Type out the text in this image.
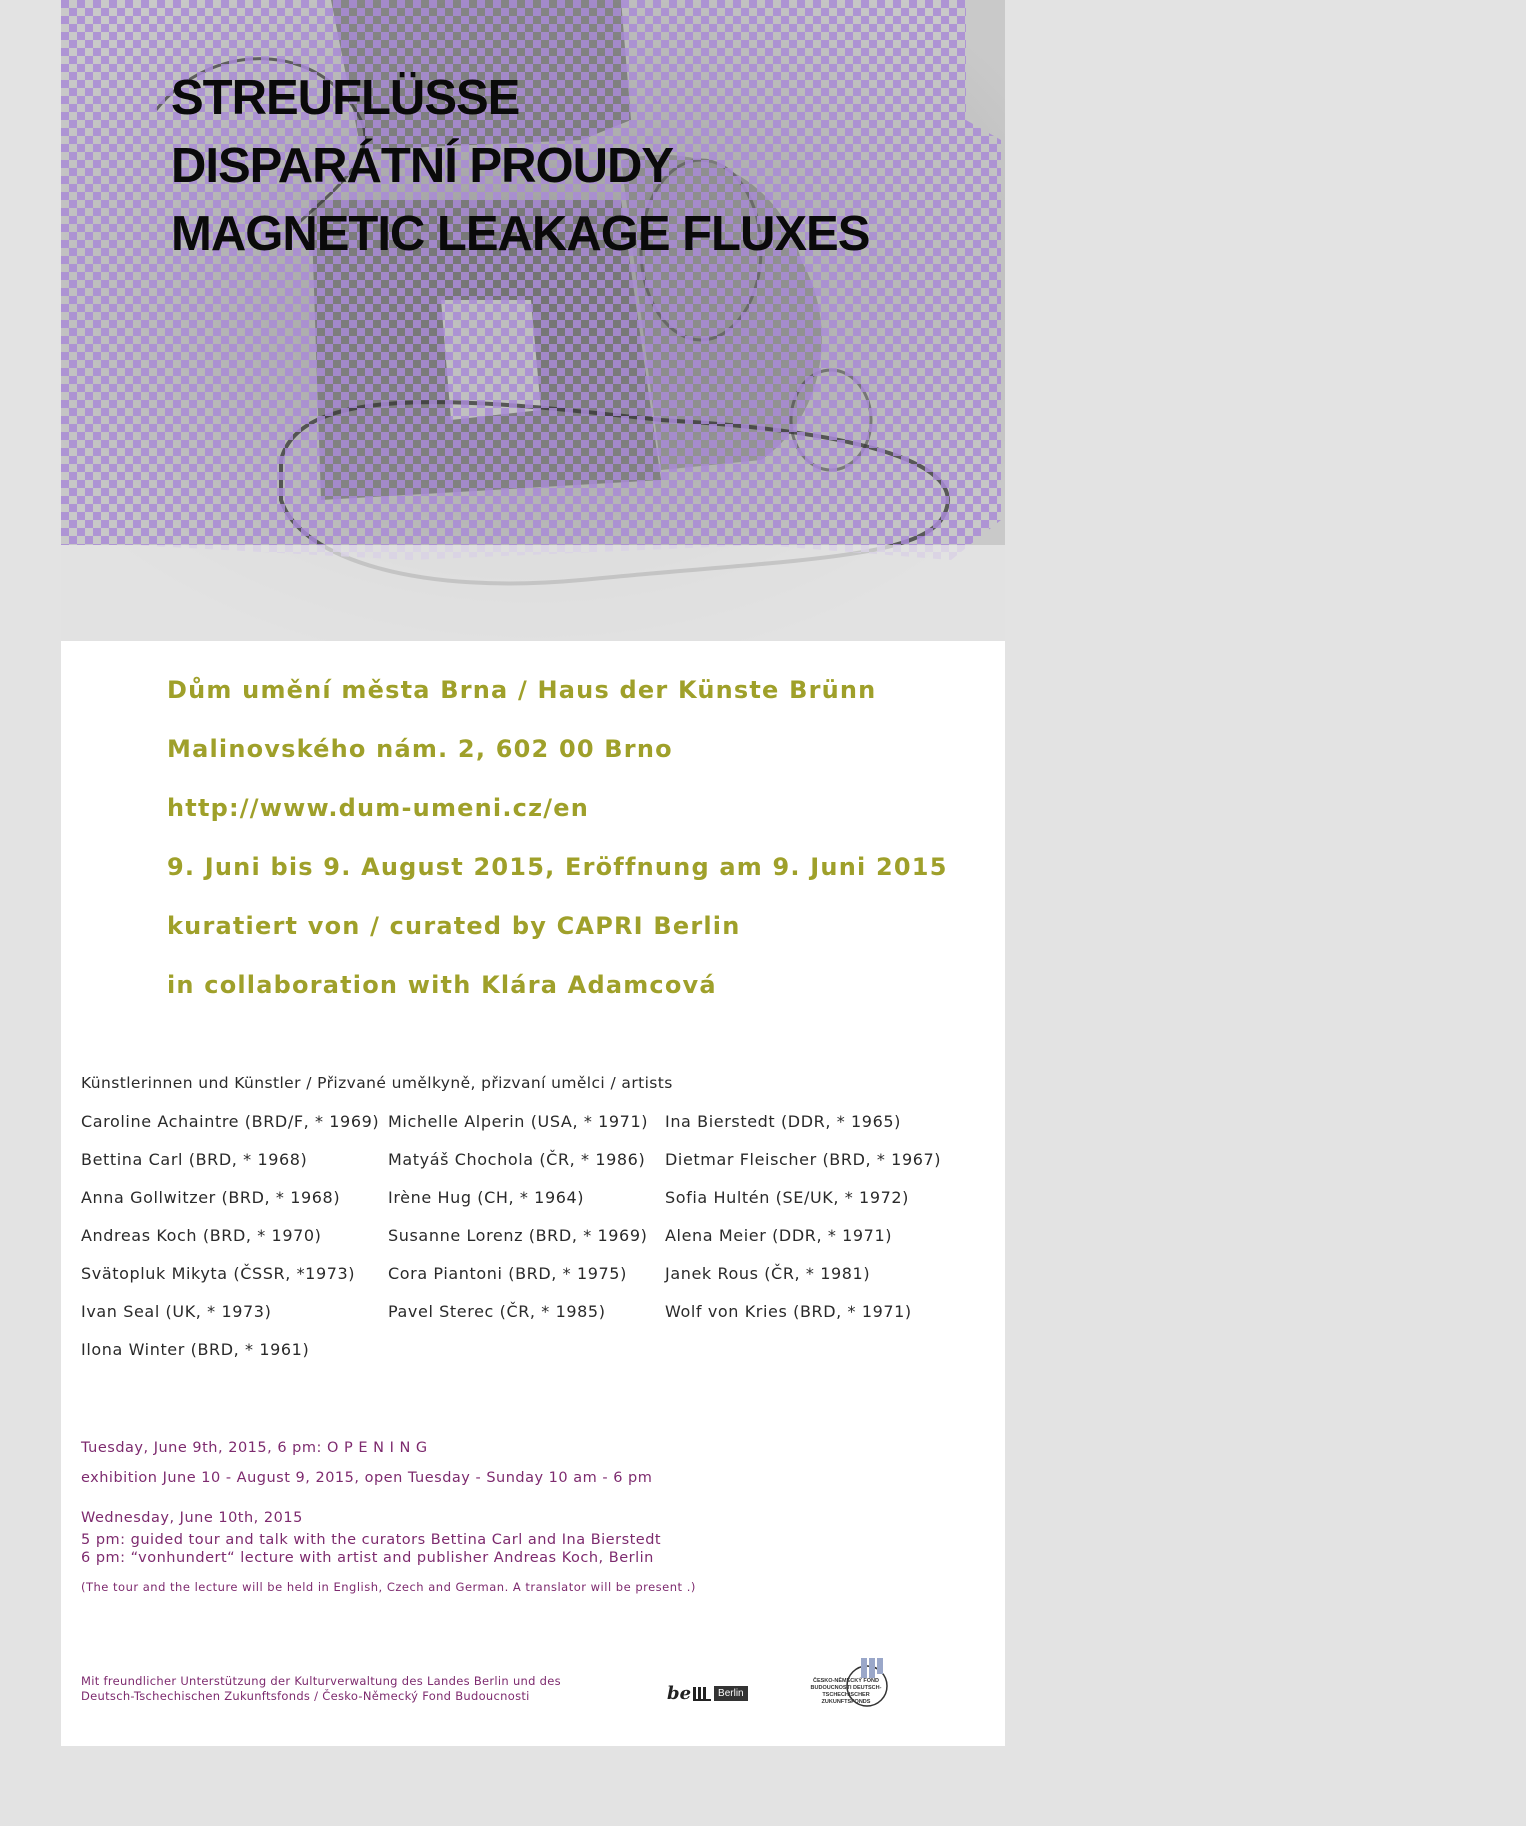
STREUFLÜSSE
DISPARÁTNÍ PROUDY
MAGNETIC LEAKAGE FLUXES
Dům umění města Brna / Haus der Künste Brünn
Malinovského nám. 2, 602 00 Brno
http://www.dum-umeni.cz/en
9. Juni bis 9. August 2015, Eröffnung am 9. Juni 2015
kuratiert von / curated by CAPRI Berlin
in collaboration with Klára Adamcová
Künstlerinnen und Künstler / Přizvané umělkyně, přizvaní umělci / artists
Caroline Achaintre (BRD/F, * 1969) Michelle Alperin (USA, * 1971) Ina Bierstedt (DDR, * 1965)
Bettina Carl (BRD, * 1968)	Matyáš Chochola (ČR, * 1986) Dietmar Fleischer (BRD, * 1967)
Anna Gollwitzer (BRD, * 1968)	Irène Hug (CH, * 1964)	Sofia Hultén (SE/UK, * 1972)
Andreas Koch (BRD, * 1970)	Susanne Lorenz (BRD, * 1969) Alena Meier (DDR, * 1971)
Svätopluk Mikyta (ČSSR, *1973) Cora Piantoni (BRD, * 1975) Janek Rous (ČR, * 1981)
Ivan Seal (UK, * 1973)	Pavel Sterec (ČR, * 1985)	Wolf von Kries (BRD, * 1971)
Ilona Winter (BRD, * 1961)
Tuesday, June 9th, 2015, 6 pm: O P E N I N G
exhibition June 10 - August 9, 2015, open Tuesday - Sunday 10 am - 6 pm
Wednesday, June 10th, 2015
5 pm: guided tour and talk with the curators Bettina Carl and Ina Bierstedt
6 pm: “vonhundert“ lecture with artist and publisher Andreas Koch, Berlin
(The tour and the lecture will be held in English, Czech and German. A translator will be present .)
Mit freundlicher Unterstützung der Kulturverwaltung des Landes Berlin und des
Deutsch-Tschechischen Zukunftsfonds / Česko-Německý Fond Budoucnosti	be	Berlin
ČESKO-NĚMECKÝ FOND BUDOUCNOSTI DEUTSCH-TSCHECHISCHER ZUKUNFTSFONDS
